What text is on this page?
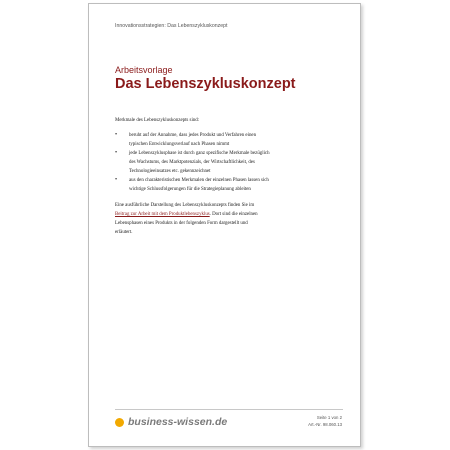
Innovationsstrategien: Das Lebenszykluskonzept
Arbeitsvorlage
Das Lebenszykluskonzept

Merkmale des Lebenszykluskonzepts sind:

• beruht auf der Annahme, dass jedes Produkt und Verfahren einen
typischen Entwicklungsverlauf nach Phasen nimmt
• jede Lebenszyklusphase ist durch ganz spezifische Merkmale bezüglich
des Wachstums, des Marktpotenzials, der Wirtschaftlichkeit, des
Technologieeinsatzes etc. gekennzeichnet
• aus den charakteristischen Merkmalen der einzelnen Phasen lassen sich
wichtige Schlussfolgerungen für die Strategieplanung ableiten
Eine ausführliche Darstellung des Lebenszykluskonzepts finden Sie im
Beitrag zur Arbeit mit dem Produktlebenszyklus. Dort sind die einzelnen
Lebensphasen eines Produkts in der folgenden Form dargestellt und
erläutert.
business-wissen.de	Seite 1 von 2
Art.-Nr. 98.060.13
